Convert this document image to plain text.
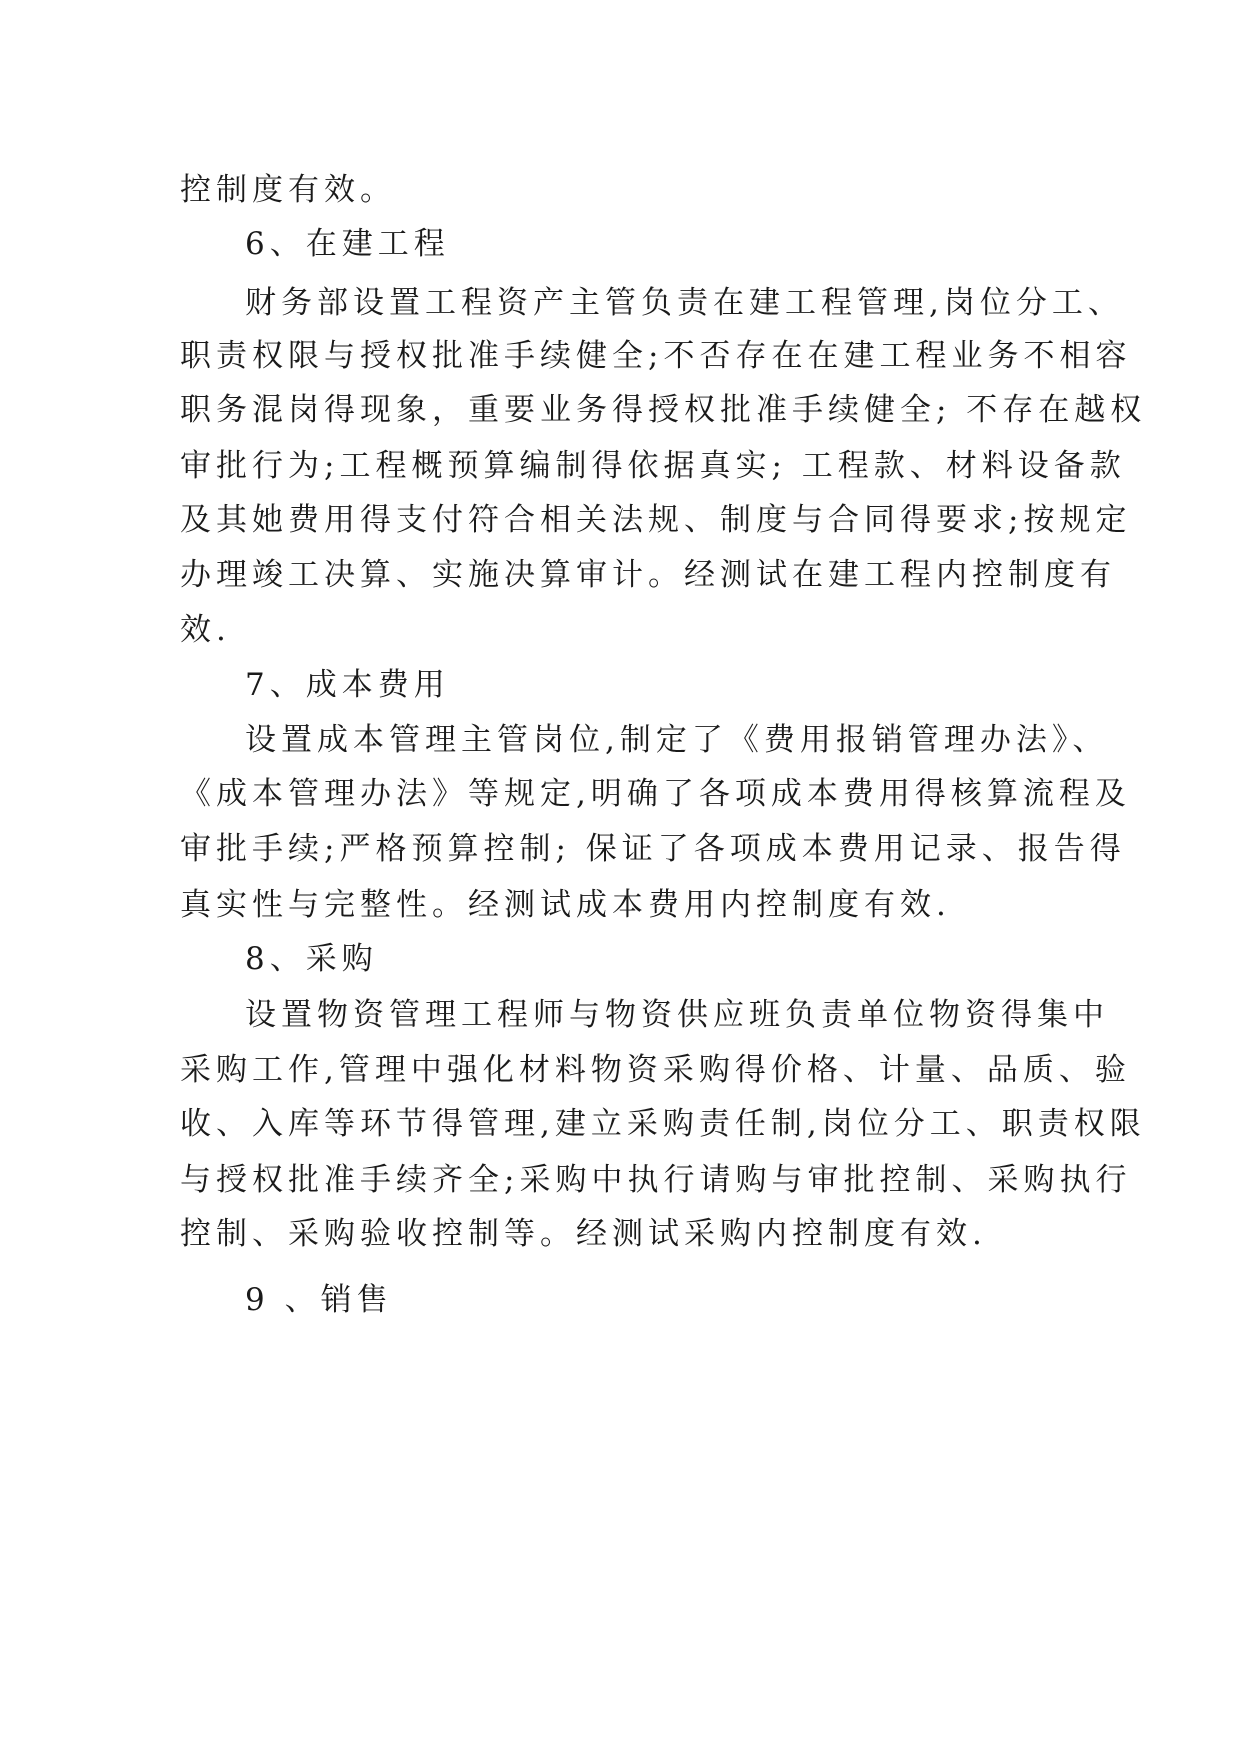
控制度有效。
6、在建工程
财务部设置工程资产主管负责在建工程管理,岗位分工、
职责权限与授权批准手续健全;不否存在在建工程业务不相容
职务混岗得现象，重要业务得授权批准手续健全; 不存在越权
审批行为;工程概预算编制得依据真实; 工程款、材料设备款
及其她费用得支付符合相关法规、制度与合同得要求;按规定
办理竣工决算、实施决算审计。经测试在建工程内控制度有
效.
7、成本费用
设置成本管理主管岗位,制定了《费用报销管理办法》、
《成本管理办法》等规定,明确了各项成本费用得核算流程及
审批手续;严格预算控制; 保证了各项成本费用记录、报告得
真实性与完整性。经测试成本费用内控制度有效.
8、采购
设置物资管理工程师与物资供应班负责单位物资得集中
采购工作,管理中强化材料物资采购得价格、计量、品质、验
收、入库等环节得管理,建立采购责任制,岗位分工、职责权限
与授权批准手续齐全;采购中执行请购与审批控制、采购执行
控制、采购验收控制等。经测试采购内控制度有效.
9 、销售
